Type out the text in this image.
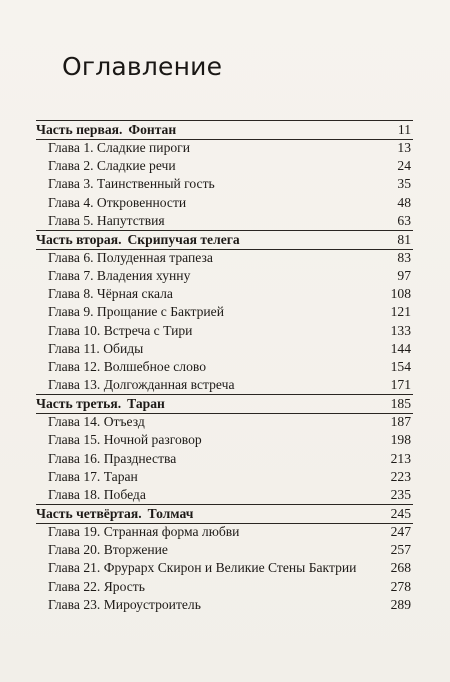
Оглавление
Часть первая. Фонтан	11
Глава 1. Сладкие пироги	13
Глава 2. Сладкие речи	24
Глава 3. Таинственный гость	35
Глава 4. Откровенности	48
Глава 5. Напутствия	63
Часть вторая. Скрипучая телега	81
Глава 6. Полуденная трапеза	83
Глава 7. Владения хунну	97
Глава 8. Чёрная скала	108
Глава 9. Прощание с Бактрией	121
Глава 10. Встреча с Тири	133
Глава 11. Обиды	144
Глава 12. Волшебное слово	154
Глава 13. Долгожданная встреча	171
Часть третья. Таран	185
Глава 14. Отъезд	187
Глава 15. Ночной разговор	198
Глава 16. Празднества	213
Глава 17. Таран	223
Глава 18. Победа	235
Часть четвёртая. Толмач	245
Глава 19. Странная форма любви	247
Глава 20. Вторжение	257
Глава 21. Фрурарх Скирон и Великие Стены Бактрии	268
Глава 22. Ярость	278
Глава 23. Мироустроитель	289
